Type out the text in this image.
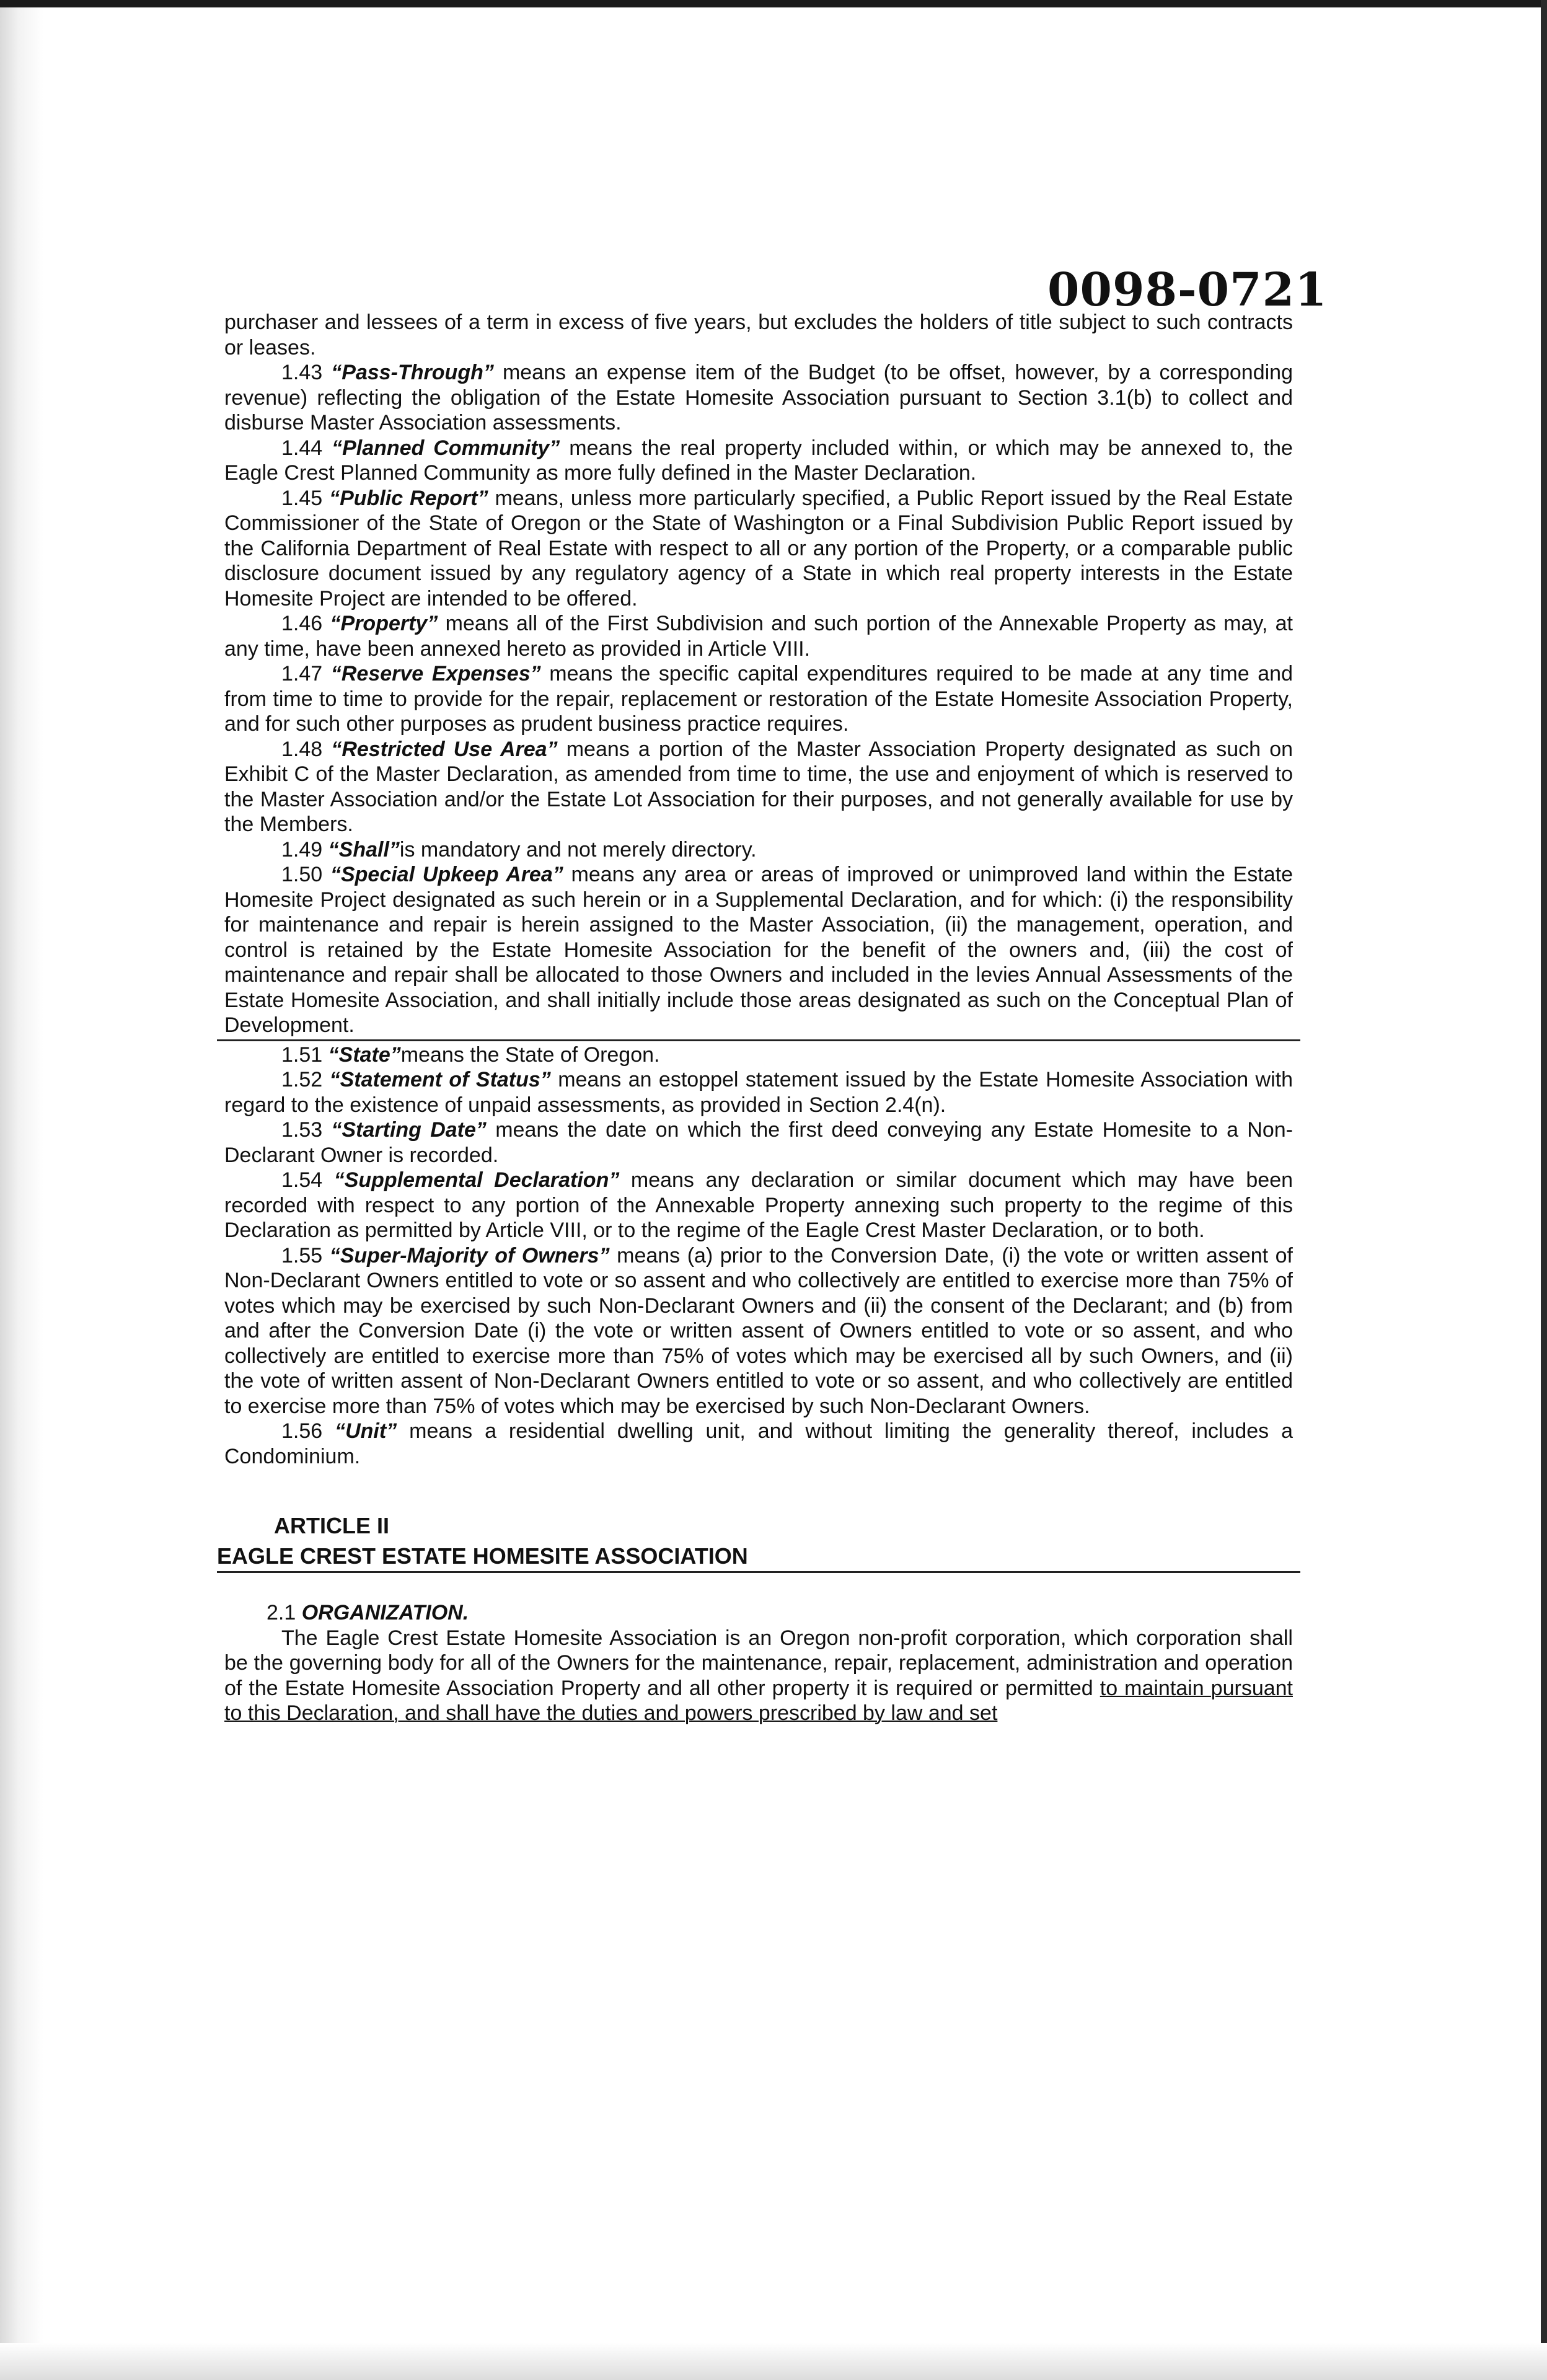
0098-0721

purchaser and lessees of a term in excess of five years, but excludes the holders of title subject to such contracts or leases.

1.43 “Pass-Through” means an expense item of the Budget (to be offset, however, by a corresponding revenue) reflecting the obligation of the Estate Homesite Association pursuant to Section 3.1(b) to collect and disburse Master Association assessments.

1.44 “Planned Community” means the real property included within, or which may be annexed to, the Eagle Crest Planned Community as more fully defined in the Master Declaration.

1.45 “Public Report” means, unless more particularly specified, a Public Report issued by the Real Estate Commissioner of the State of Oregon or the State of Washington or a Final Subdivision Public Report issued by the California Department of Real Estate with respect to all or any portion of the Property, or a comparable public disclosure document issued by any regulatory agency of a State in which real property interests in the Estate Homesite Project are intended to be offered.

1.46 “Property” means all of the First Subdivision and such portion of the Annexable Property as may, at any time, have been annexed hereto as provided in Article VIII.

1.47 “Reserve Expenses” means the specific capital expenditures required to be made at any time and from time to time to provide for the repair, replacement or restoration of the Estate Homesite Association Property, and for such other purposes as prudent business practice requires.

1.48 “Restricted Use Area” means a portion of the Master Association Property designated as such on Exhibit C of the Master Declaration, as amended from time to time, the use and enjoyment of which is reserved to the Master Association and/or the Estate Lot Association for their purposes, and not generally available for use by the Members.

1.49 “Shall”is mandatory and not merely directory.

1.50 “Special Upkeep Area” means any area or areas of improved or unimproved land within the Estate Homesite Project designated as such herein or in a Supplemental Declaration, and for which: (i) the responsibility for maintenance and repair is herein assigned to the Master Association, (ii) the management, operation, and control is retained by the Estate Homesite Association for the benefit of the owners and, (iii) the cost of maintenance and repair shall be allocated to those Owners and included in the levies Annual Assessments of the Estate Homesite Association, and shall initially include those areas designated as such on the Conceptual Plan of Development.

1.51 “State”means the State of Oregon.

1.52 “Statement of Status” means an estoppel statement issued by the Estate Homesite Association with regard to the existence of unpaid assessments, as provided in Section 2.4(n).

1.53 “Starting Date” means the date on which the first deed conveying any Estate Homesite to a Non-Declarant Owner is recorded.

1.54 “Supplemental Declaration” means any declaration or similar document which may have been recorded with respect to any portion of the Annexable Property annexing such property to the regime of this Declaration as permitted by Article VIII, or to the regime of the Eagle Crest Master Declaration, or to both.

1.55 “Super-Majority of Owners” means (a) prior to the Conversion Date, (i) the vote or written assent of Non-Declarant Owners entitled to vote or so assent and who collectively are entitled to exercise more than 75% of votes which may be exercised by such Non-Declarant Owners and (ii) the consent of the Declarant; and (b) from and after the Conversion Date (i) the vote or written assent of Owners entitled to vote or so assent, and who collectively are entitled to exercise more than 75% of votes which may be exercised all by such Owners, and (ii) the vote of written assent of Non-Declarant Owners entitled to vote or so assent, and who collectively are entitled to exercise more than 75% of votes which may be exercised by such Non-Declarant Owners.

1.56 “Unit” means a residential dwelling unit, and without limiting the generality thereof, includes a Condominium.

ARTICLE II

EAGLE CREST ESTATE HOMESITE ASSOCIATION

2.1 ORGANIZATION.

The Eagle Crest Estate Homesite Association is an Oregon non-profit corporation, which corporation shall be the governing body for all of the Owners for the maintenance, repair, replacement, administration and operation of the Estate Homesite Association Property and all other property it is required or permitted to maintain pursuant to this Declaration, and shall have the duties and powers prescribed by law and set
